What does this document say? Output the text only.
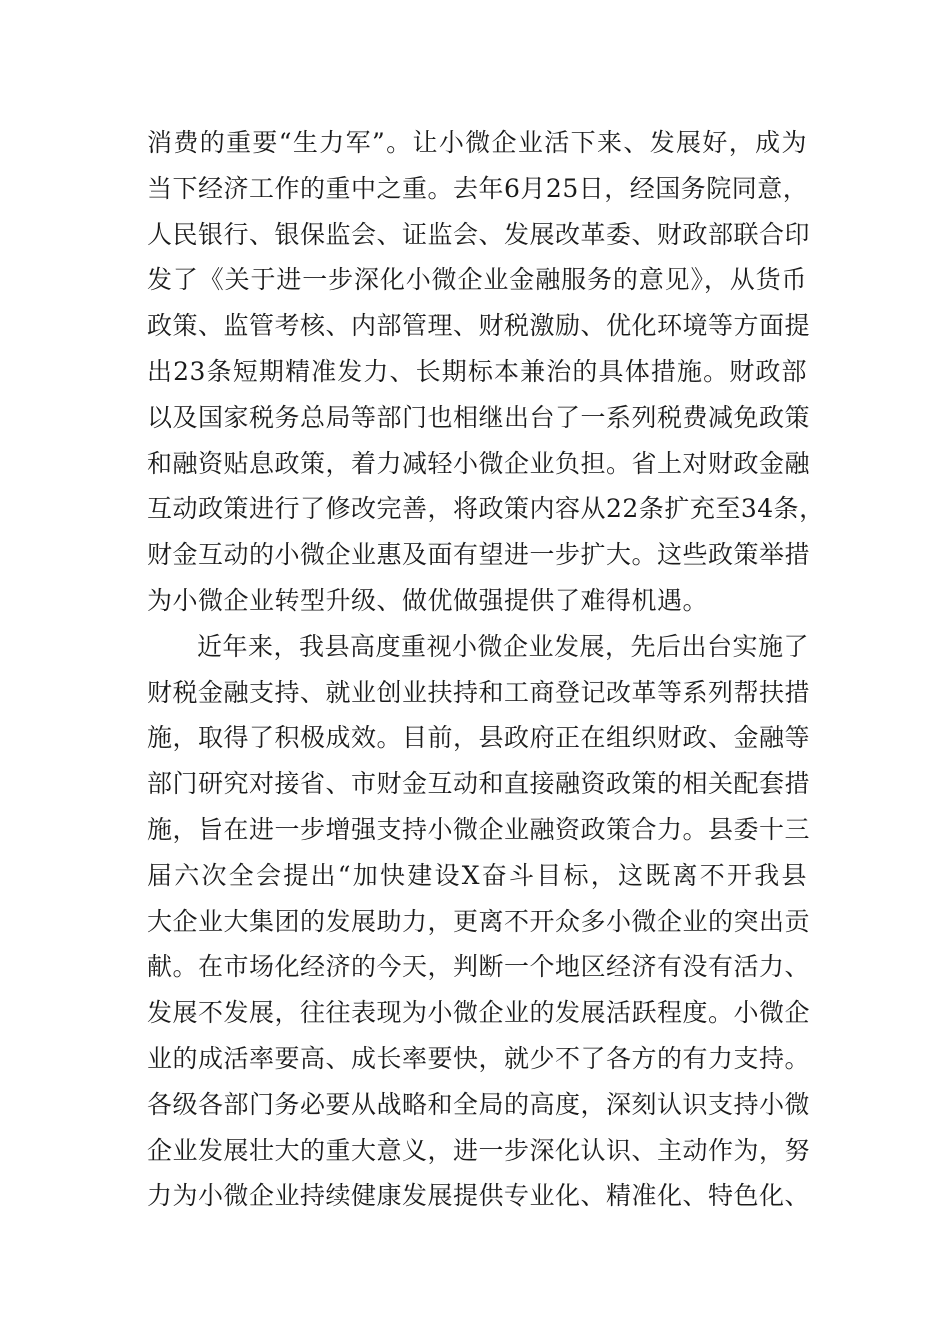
消费的重要“生力军”。让小微企业活下来、发展好，成为
当下经济工作的重中之重。去年6月25日，经国务院同意，
人民银行、银保监会、证监会、发展改革委、财政部联合印
发了《关于进一步深化小微企业金融服务的意见》，从货币
政策、监管考核、内部管理、财税激励、优化环境等方面提
出23条短期精准发力、长期标本兼治的具体措施。财政部
以及国家税务总局等部门也相继出台了一系列税费减免政策
和融资贴息政策，着力减轻小微企业负担。省上对财政金融
互动政策进行了修改完善，将政策内容从22条扩充至34条，
财金互动的小微企业惠及面有望进一步扩大。这些政策举措
为小微企业转型升级、做优做强提供了难得机遇。
近年来，我县高度重视小微企业发展，先后出台实施了
财税金融支持、就业创业扶持和工商登记改革等系列帮扶措
施，取得了积极成效。目前，县政府正在组织财政、金融等
部门研究对接省、市财金互动和直接融资政策的相关配套措
施，旨在进一步增强支持小微企业融资政策合力。县委十三
届六次全会提出“加快建设X奋斗目标，这既离不开我县
大企业大集团的发展助力，更离不开众多小微企业的突出贡
献。在市场化经济的今天，判断一个地区经济有没有活力、
发展不发展，往往表现为小微企业的发展活跃程度。小微企
业的成活率要高、成长率要快，就少不了各方的有力支持。
各级各部门务必要从战略和全局的高度，深刻认识支持小微
企业发展壮大的重大意义，进一步深化认识、主动作为，努
力为小微企业持续健康发展提供专业化、精准化、特色化、
